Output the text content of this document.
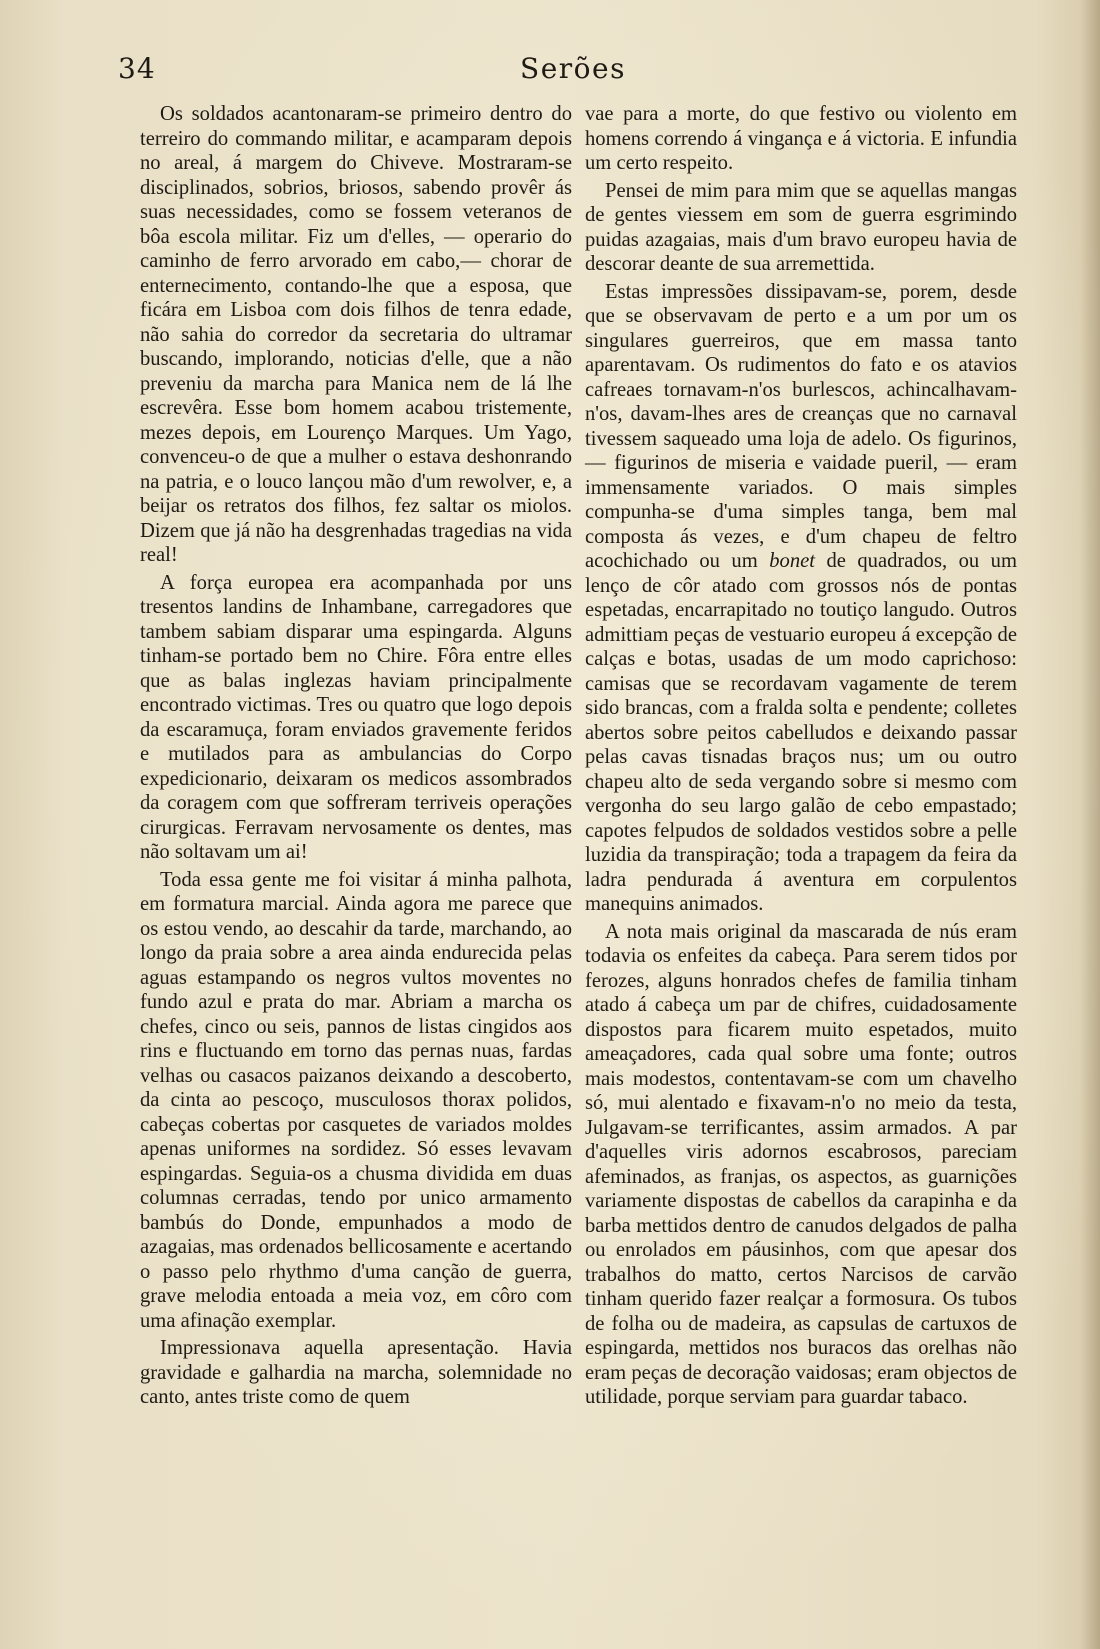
Serões
34

Os soldados acantonaram-se primeiro dentro do terreiro do commando militar, e acamparam depois no areal, á margem do Chiveve. Mostraram-se disciplinados, sobrios, briosos, sabendo provêr ás suas necessidades, como se fossem veteranos de bôa escola militar. Fiz um d'elles, — operario do caminho de ferro arvorado em cabo,— chorar de enternecimento, contando-lhe que a esposa, que ficára em Lisboa com dois filhos de tenra edade, não sahia do corredor da secretaria do ultramar buscando, implorando, noticias d'elle, que a não preveniu da marcha para Manica nem de lá lhe escrevêra. Esse bom homem acabou tristemente, mezes depois, em Lourenço Marques. Um Yago, convenceu-o de que a mulher o estava deshonrando na patria, e o louco lançou mão d'um rewolver, e, a beijar os retratos dos filhos, fez saltar os miolos. Dizem que já não ha desgrenhadas tragedias na vida real!

A força europea era acompanhada por uns tresentos landins de Inhambane, carregadores que tambem sabiam disparar uma espingarda. Alguns tinham-se portado bem no Chire. Fôra entre elles que as balas inglezas haviam principalmente encontrado victimas. Tres ou quatro que logo depois da escaramuça, foram enviados gravemente feridos e mutilados para as ambulancias do Corpo expedicionario, deixaram os medicos assombrados da coragem com que soffreram terriveis operações cirurgicas. Ferravam nervosamente os dentes, mas não soltavam um ai!

Toda essa gente me foi visitar á minha palhota, em formatura marcial. Ainda agora me parece que os estou vendo, ao descahir da tarde, marchando, ao longo da praia sobre a area ainda endurecida pelas aguas estampando os negros vultos moventes no fundo azul e prata do mar. Abriam a marcha os chefes, cinco ou seis, pannos de listas cingidos aos rins e fluctuando em torno das pernas nuas, fardas velhas ou casacos paizanos deixando a descoberto, da cinta ao pescoço, musculosos thorax polidos, cabeças cobertas por casquetes de variados moldes apenas uniformes na sordidez. Só esses levavam espingardas. Seguia-os a chusma dividida em duas columnas cerradas, tendo por unico armamento bambús do Donde, empunhados a modo de azagaias, mas ordenados bellicosamente e acertando o passo pelo rhythmo d'uma canção de guerra, grave melodia entoada a meia voz, em côro com uma afinação exemplar.

Impressionava aquella apresentação. Havia gravidade e galhardia na marcha, solemnidade no canto, antes triste como de quem

vae para a morte, do que festivo ou violento em homens correndo á vingança e á victoria. E infundia um certo respeito.

Pensei de mim para mim que se aquellas mangas de gentes viessem em som de guerra esgrimindo puidas azagaias, mais d'um bravo europeu havia de descorar deante de sua arremettida.

Estas impressões dissipavam-se, porem, desde que se observavam de perto e a um por um os singulares guerreiros, que em massa tanto aparentavam. Os rudimentos do fato e os atavios cafreaes tornavam-n'os burlescos, achincalhavam-n'os, davam-lhes ares de creanças que no carnaval tivessem saqueado uma loja de adelo. Os figurinos, — figurinos de miseria e vaidade pueril, — eram immensamente variados. O mais simples compunha-se d'uma simples tanga, bem mal composta ás vezes, e d'um chapeu de feltro acochichado ou um bonet de quadrados, ou um lenço de côr atado com grossos nós de pontas espetadas, encarrapitado no toutiço langudo. Outros admittiam peças de vestuario europeu á excepção de calças e botas, usadas de um modo caprichoso: camisas que se recordavam vagamente de terem sido brancas, com a fralda solta e pendente; colletes abertos sobre peitos cabelludos e deixando passar pelas cavas tisnadas braços nus; um ou outro chapeu alto de seda vergando sobre si mesmo com vergonha do seu largo galão de cebo empastado; capotes felpudos de soldados vestidos sobre a pelle luzidia da transpiração; toda a trapagem da feira da ladra pendurada á aventura em corpulentos manequins animados.

A nota mais original da mascarada de nús eram todavia os enfeites da cabeça. Para serem tidos por ferozes, alguns honrados chefes de familia tinham atado á cabeça um par de chifres, cuidadosamente dispostos para ficarem muito espetados, muito ameaçadores, cada qual sobre uma fonte; outros mais modestos, contentavam-se com um chavelho só, mui alentado e fixavam-n'o no meio da testa, Julgavam-se terrificantes, assim armados. A par d'aquelles viris adornos escabrosos, pareciam afeminados, as franjas, os aspectos, as guarnições variamente dispostas de cabellos da carapinha e da barba mettidos dentro de canudos delgados de palha ou enrolados em páusinhos, com que apesar dos trabalhos do matto, certos Narcisos de carvão tinham querido fazer realçar a formosura. Os tubos de folha ou de madeira, as capsulas de cartuxos de espingarda, mettidos nos buracos das orelhas não eram peças de decoração vaidosas; eram objectos de utilidade, porque serviam para guardar tabaco.
